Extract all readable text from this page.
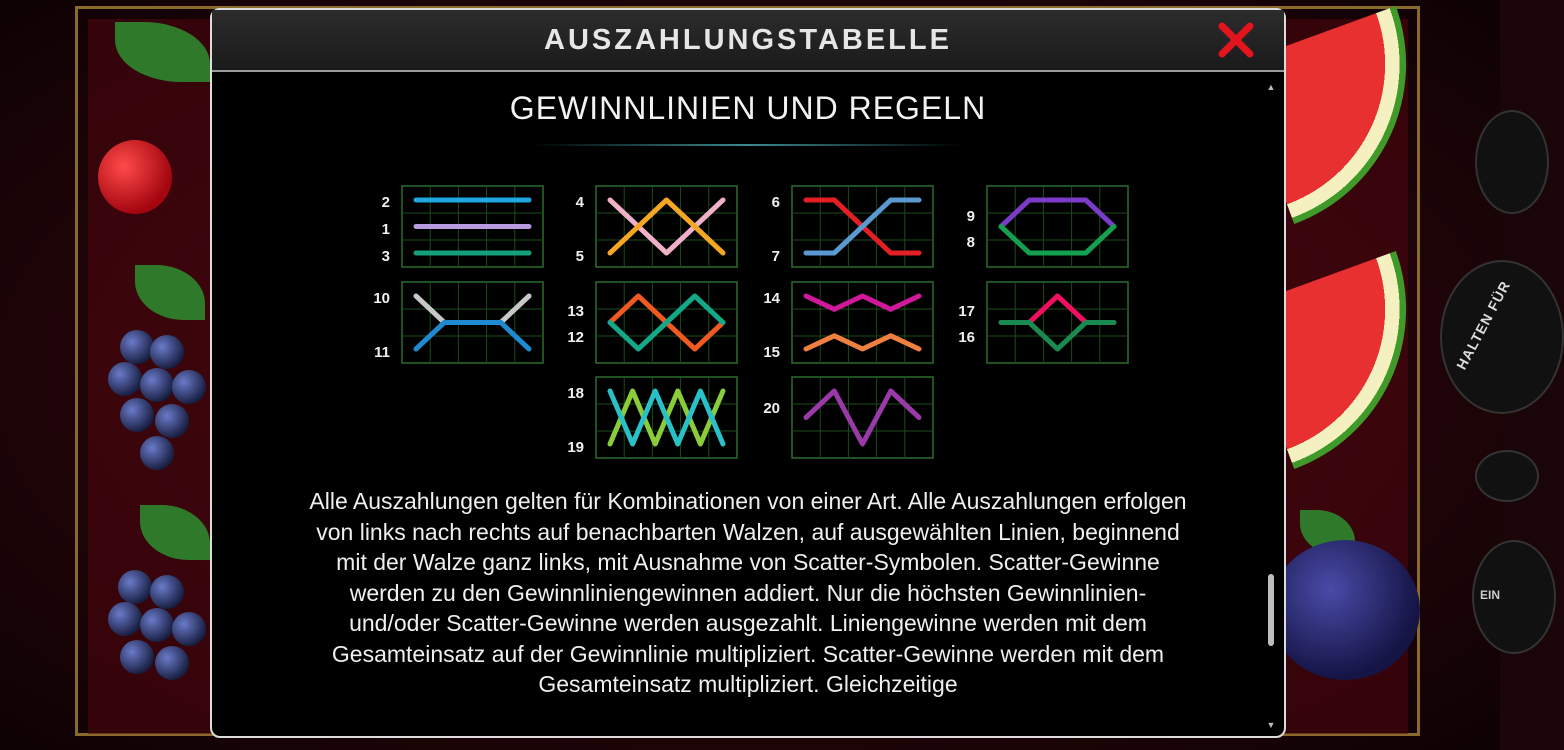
HALTEN FÜR
EIN
AUSZAHLUNGSTABELLE
GEWINNLINIEN UND REGELN
2
1
3
4
5
6
7
9
8
10
11
13
12
14
15
17
16
18
19
20
Alle Auszahlungen gelten für Kombinationen von einer Art. Alle Auszahlungen erfolgen von links nach rechts auf benachbarten Walzen, auf ausgewählten Linien, beginnend mit der Walze ganz links, mit Ausnahme von Scatter-Symbolen. Scatter-Gewinne werden zu den Gewinnliniengewinnen addiert. Nur die höchsten Gewinnlinien- und/oder Scatter-Gewinne werden ausgezahlt. Liniengewinne werden mit dem Gesamteinsatz auf der Gewinnlinie multipliziert. Scatter-Gewinne werden mit dem Gesamteinsatz multipliziert. Gleichzeitige
▲
▼
